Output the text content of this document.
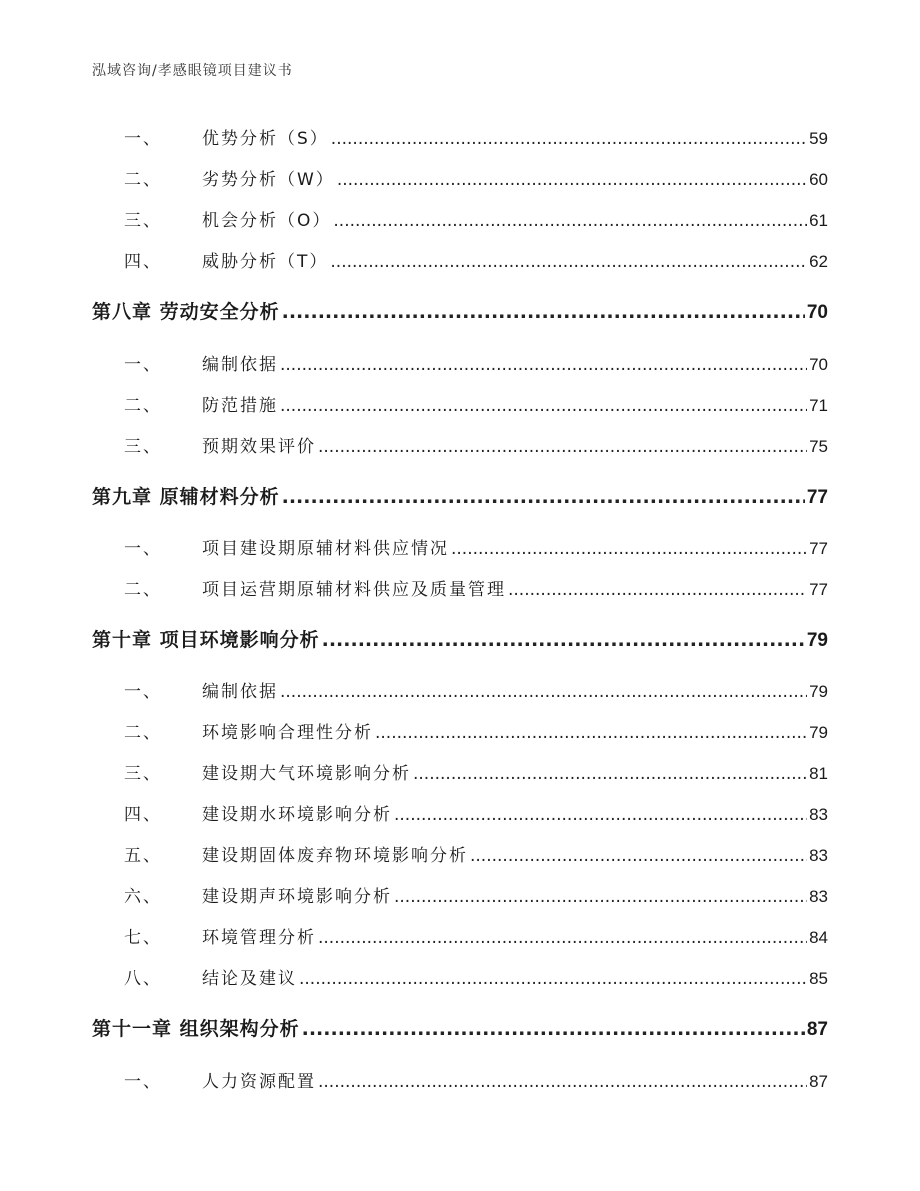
泓域咨询/孝感眼镜项目建议书
一、 优势分析（S） .....	59
二、 劣势分析（W） .....	60
三、 机会分析（O） .....	61
四、 威胁分析（T） .....	62
第八章 劳动安全分析 .....	70
一、 编制依据 .....	70
二、 防范措施 .....	71
三、 预期效果评价 .....	75
第九章 原辅材料分析 .....	77
一、 项目建设期原辅材料供应情况 .....	77
二、 项目运营期原辅材料供应及质量管理 .....	77
第十章 项目环境影响分析 .....	79
一、 编制依据 .....	79
二、 环境影响合理性分析 .....	79
三、 建设期大气环境影响分析 .....	81
四、 建设期水环境影响分析 .....	83
五、 建设期固体废弃物环境影响分析 .....	83
六、 建设期声环境影响分析 .....	83
七、 环境管理分析 .....	84
八、 结论及建议 .....	85
第十一章 组织架构分析 .....	87
一、 人力资源配置 .....	87
